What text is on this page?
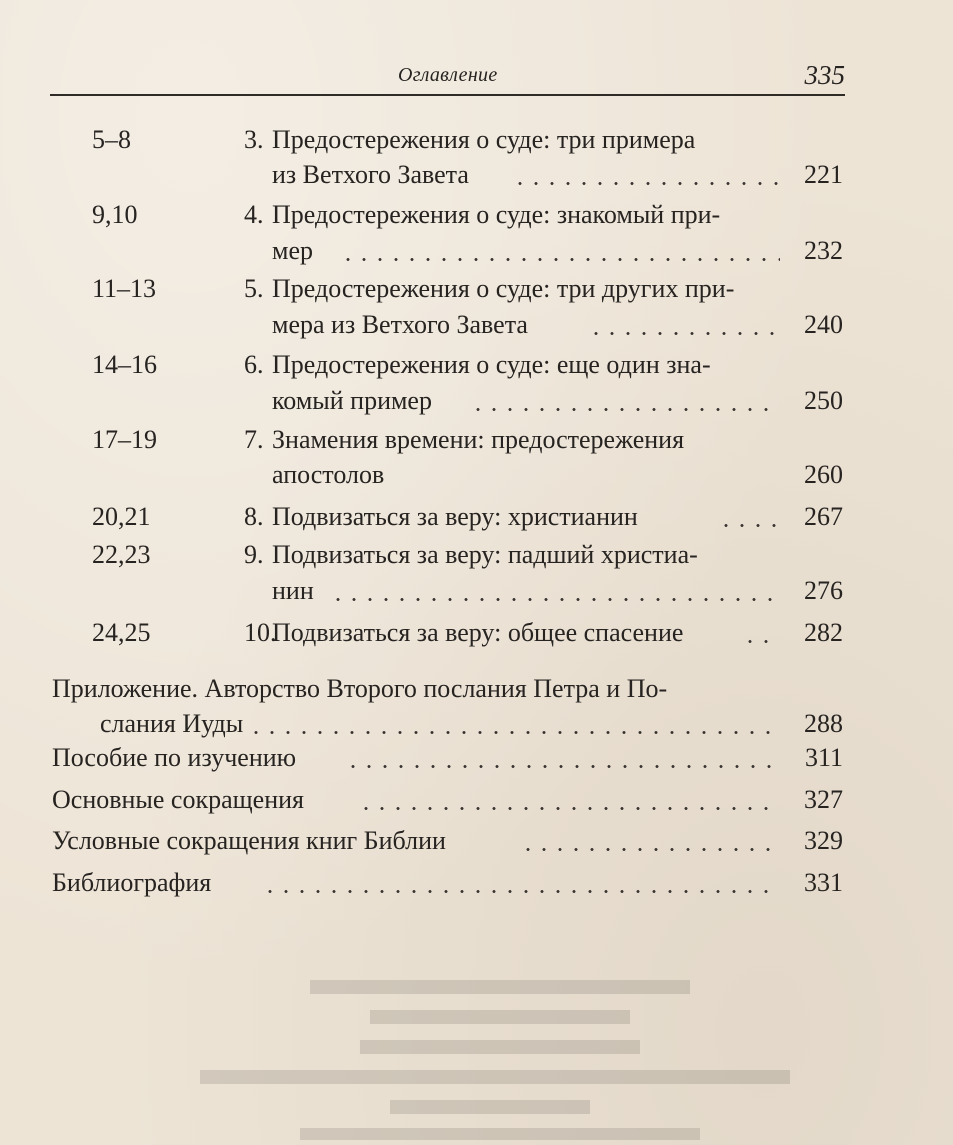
Оглавление	335
5–8	3. Предостережения о суде: три примера
из Ветхого Завета	221
9,10	4. Предостережения о суде: знакомый при-
мер	232
11–13	5. Предостережения о суде: три других при-
мера из Ветхого Завета	240
14–16	6. Предостережения о суде: еще один зна-
комый пример	250
17–19	7. Знамения времени: предостережения
апостолов	260
20,21	8. Подвизаться за веру: христианин	267
22,23	9. Подвизаться за веру: падший христиа-
нин	276
24,25	10.
Подвизаться за веру: общее спасение	282
Приложение. Авторство Второго послания Петра и По-
слания Иуды	288
Пособие по изучению	311
Основные сокращения	327
Условные сокращения книг Библии	329
Библиография	331
